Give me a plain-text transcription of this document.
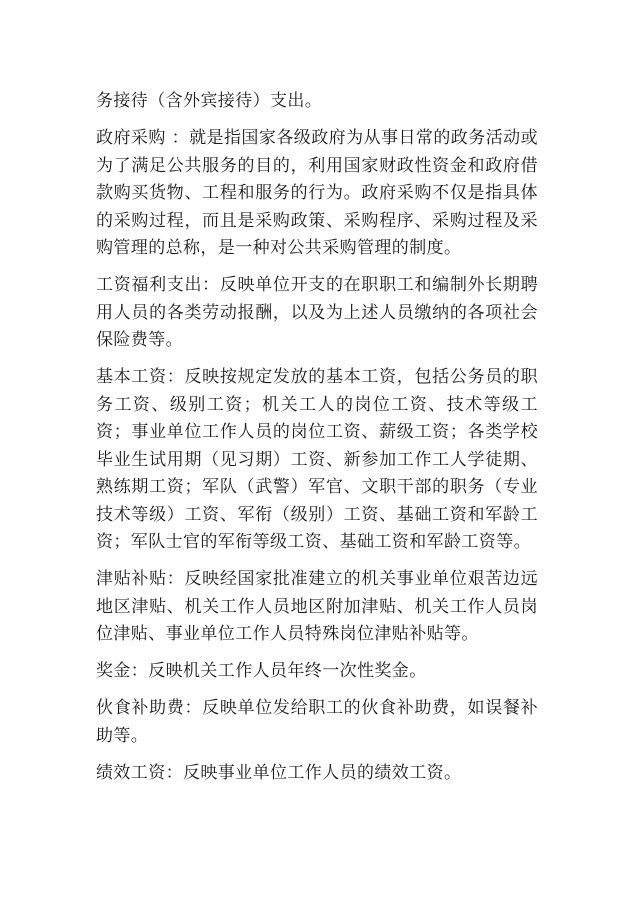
务接待（含外宾接待）支出。

政府采购 ：就是指国家各级政府为从事日常的政务活动或为了满足公共服务的目的，利用国家财政性资金和政府借款购买货物、工程和服务的行为。政府采购不仅是指具体的采购过程，而且是采购政策、采购程序、采购过程及采购管理的总称，是一种对公共采购管理的制度。

工资福利支出：反映单位开支的在职职工和编制外长期聘用人员的各类劳动报酬，以及为上述人员缴纳的各项社会保险费等。

基本工资：反映按规定发放的基本工资，包括公务员的职务工资、级别工资；机关工人的岗位工资、技术等级工资；事业单位工作人员的岗位工资、薪级工资；各类学校毕业生试用期（见习期）工资、新参加工作工人学徒期、熟练期工资；军队（武警）军官、文职干部的职务（专业技术等级）工资、军衔（级别）工资、基础工资和军龄工资；军队士官的军衔等级工资、基础工资和军龄工资等。

津贴补贴：反映经国家批准建立的机关事业单位艰苦边远地区津贴、机关工作人员地区附加津贴、机关工作人员岗位津贴、事业单位工作人员特殊岗位津贴补贴等。

奖金：反映机关工作人员年终一次性奖金。

伙食补助费：反映单位发给职工的伙食补助费，如误餐补助等。

绩效工资：反映事业单位工作人员的绩效工资。
